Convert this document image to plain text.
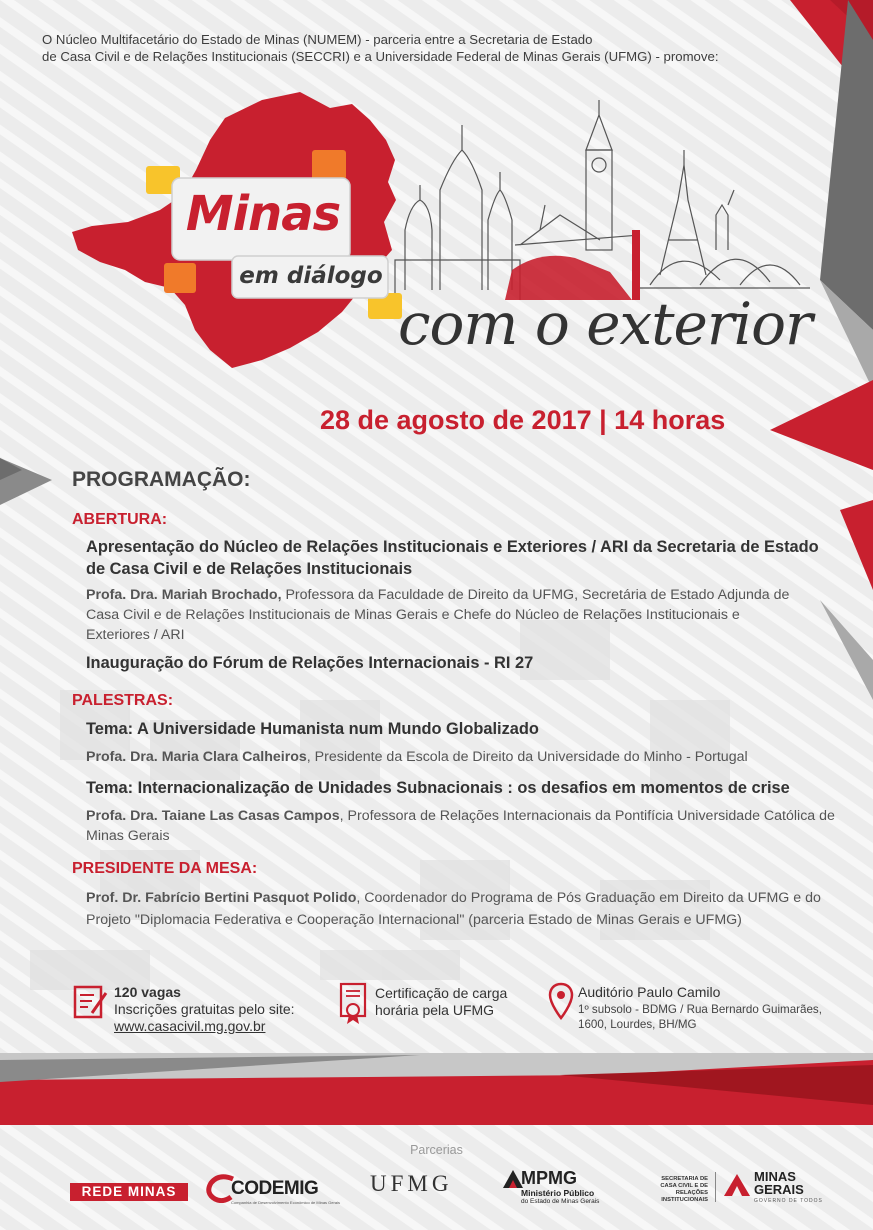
O Núcleo Multifacetário do Estado de Minas (NUMEM) - parceria entre a Secretaria de Estado
de Casa Civil e de Relações Institucionais (SECCRI) e a Universidade Federal de Minas Gerais (UFMG) - promove:
Minas
em diálogo
com o exterior
28 de agosto de 2017 | 14 horas
PROGRAMAÇÃO:
ABERTURA:
Apresentação do Núcleo de Relações Institucionais e Exteriores / ARI da Secretaria de Estado de Casa Civil e de Relações Institucionais
Profa. Dra. Mariah Brochado, Professora da Faculdade de Direito da UFMG, Secretária de Estado Adjunda de Casa Civil e de Relações Institucionais de Minas Gerais e Chefe do Núcleo de Relações Institucionais e Exteriores / ARI
Inauguração do Fórum de Relações Internacionais - RI 27
PALESTRAS:
Tema: A Universidade Humanista num Mundo Globalizado
Profa. Dra. Maria Clara Calheiros, Presidente da Escola de Direito da Universidade do Minho - Portugal
Tema: Internacionalização de Unidades Subnacionais : os desafios em momentos de crise
Profa. Dra. Taiane Las Casas Campos, Professora de Relações Internacionais da Pontifícia Universidade Católica de Minas Gerais
PRESIDENTE DA MESA:
Prof. Dr. Fabrício Bertini Pasquot Polido, Coordenador do Programa de Pós Graduação em Direito da UFMG e do Projeto "Diplomacia Federativa e Cooperação Internacional" (parceria Estado de Minas Gerais e UFMG)
120 vagas
Inscrições gratuitas pelo site:
www.casacivil.mg.gov.br
Certificação de carga
horária pela UFMG
Auditório Paulo Camilo
1º subsolo - BDMG / Rua Bernardo Guimarães,
1600, Lourdes, BH/MG
Parcerias
REDE MINAS	CODEMIG
Companhia de Desenvolvimento Econômico de Minas Gerais
UFMG	MPMG
Ministério Público
do Estado de Minas Gerais
SECRETARIA DE
CASA CIVIL E DE
RELAÇÕES INSTITUCIONAIS
MINAS
GERAIS
GOVERNO DE TODOS
